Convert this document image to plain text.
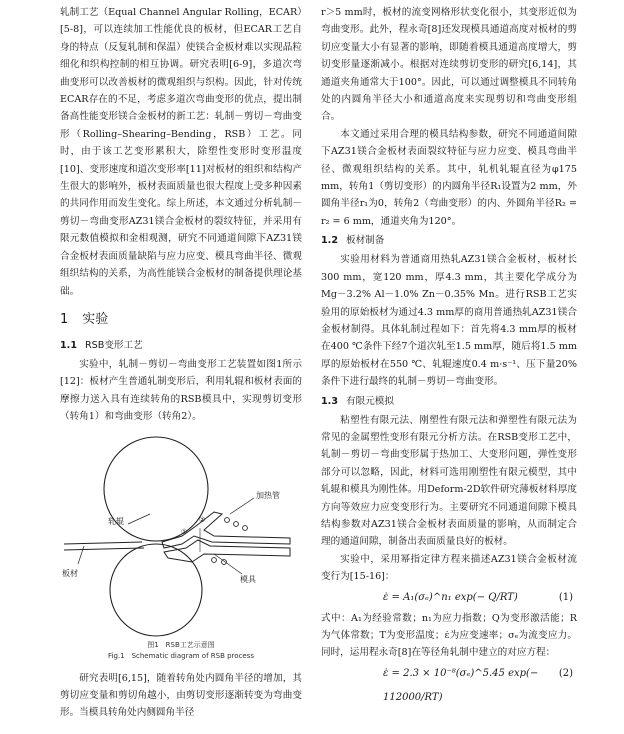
轧制工艺（Equal Channel Angular Rolling，ECAR）[5-8]，可以连续加工性能优良的板材，但ECAR工艺自身的特点（反复轧制和保温）使镁合金板材难以实现晶粒细化和织构控制的相互协调。研究表明[6-9]，多道次弯曲变形可以改善板材的微观组织与织构。因此，针对传统ECAR存在的不足，考虑多道次弯曲变形的优点，提出制备高性能变形镁合金板材的新工艺：轧制－剪切－弯曲变形（Rolling–Shearing–Bending，RSB）工艺。同时，由于该工艺变形累积大，除塑性变形时变形温度[10]、变形速度和道次变形率[11]对板材的组织和结构产生很大的影响外，板材表面质量也很大程度上受多种因素的共同作用而发生变化。综上所述，本文通过分析轧制－剪切－弯曲变形AZ31镁合金板材的裂纹特征，并采用有限元数值模拟和金相观测，研究不同通道间隙下AZ31镁合金板材表面质量缺陷与应力应变、模具弯曲半径、微观组织结构的关系，为高性能镁合金板材的制备提供理论基础。

1 实验
1.1 RSB变形工艺

实验中，轧制－剪切－弯曲变形工艺装置如图1所示[12]：板材产生普通轧制变形后，利用轧辊和板材表面的摩擦力送入具有连续转角的RSB模具中，实现剪切变形（转角1）和弯曲变形（转角2）。

加热管
轧辊
板材
模具
①
②
图1　RSB工艺示意图
Fig.1　Schematic diagram of RSB process

研究表明[6,15]，随着转角处内圆角半径的增加，其剪切应变量和剪切角越小，由剪切变形逐渐转变为弯曲变形。当模具转角处内侧圆角半径

r＞5 mm时，板材的流变网格形状变化很小，其变形近似为弯曲变形。此外，程永奇[8]还发现模具通道高度对板材的剪切应变量大小有显著的影响，即随着模具通道高度增大，剪切变形量逐渐减小。根据对连续剪切变形的研究[6,14]，其通道夹角通常大于100°。因此，可以通过调整模具不同转角处的内圆角半径大小和通道高度来实现剪切和弯曲变形组合。

本文通过采用合理的模具结构参数，研究不同通道间隙下AZ31镁合金板材表面裂纹特征与应力应变、模具弯曲半径、微观组织结构的关系。其中，轧机轧辊直径为φ175 mm，转角1（剪切变形）的内圆角半径R₁设置为2 mm，外圆角半径r₁为0，转角2（弯曲变形）的内、外圆角半径R₂ = r₂ = 6 mm，通道夹角为120°。

1.2 板材制备

实验用材料为普通商用热轧AZ31镁合金板材，板材长300 mm，宽120 mm，厚4.3 mm，其主要化学成分为Mg－3.2% Al－1.0% Zn－0.35% Mn。进行RSB工艺实验用的原始板材为通过4.3 mm厚的商用普通热轧AZ31镁合金板材制得。具体轧制过程如下：首先将4.3 mm厚的板材在400 ℃条件下经7个道次轧至1.5 mm厚，随后将1.5 mm厚的原始板材在550 ℃、轧辊速度0.4 m·s⁻¹、压下量20%条件下进行最终的轧制－剪切－弯曲变形。

1.3 有限元模拟

粘塑性有限元法、刚塑性有限元法和弹塑性有限元法为常见的金属塑性变形有限元分析方法。在RSB变形工艺中，轧制－剪切－弯曲变形属于热加工、大变形问题，弹性变形部分可以忽略，因此，材料可选用刚塑性有限元模型，其中轧辊和模具为刚性体。用Deform-2D软件研究薄板材料厚度方向等效应力应变变形行为。主要研究不同通道间隙下模具结构参数对AZ31镁合金板材表面质量的影响，从而制定合理的通道间隙，制备出表面质量良好的板材。

实验中，采用幂指定律方程来描述AZ31镁合金板材流变行为[15-16]：

ε̇ = A₁(σₑ)^n₁ exp(− Q/RT)	(1)

式中：A₁为经验常数；n₁为应力指数；Q为变形激活能；R为气体常数；T为变形温度；ε̇为应变速率；σₑ为流变应力。同时，运用程永奇[8]在等径角轧制中建立的对应方程：

ε̇ = 2.3 × 10⁻⁸(σₑ)^5.45 exp(− 112000/RT)
(2)
